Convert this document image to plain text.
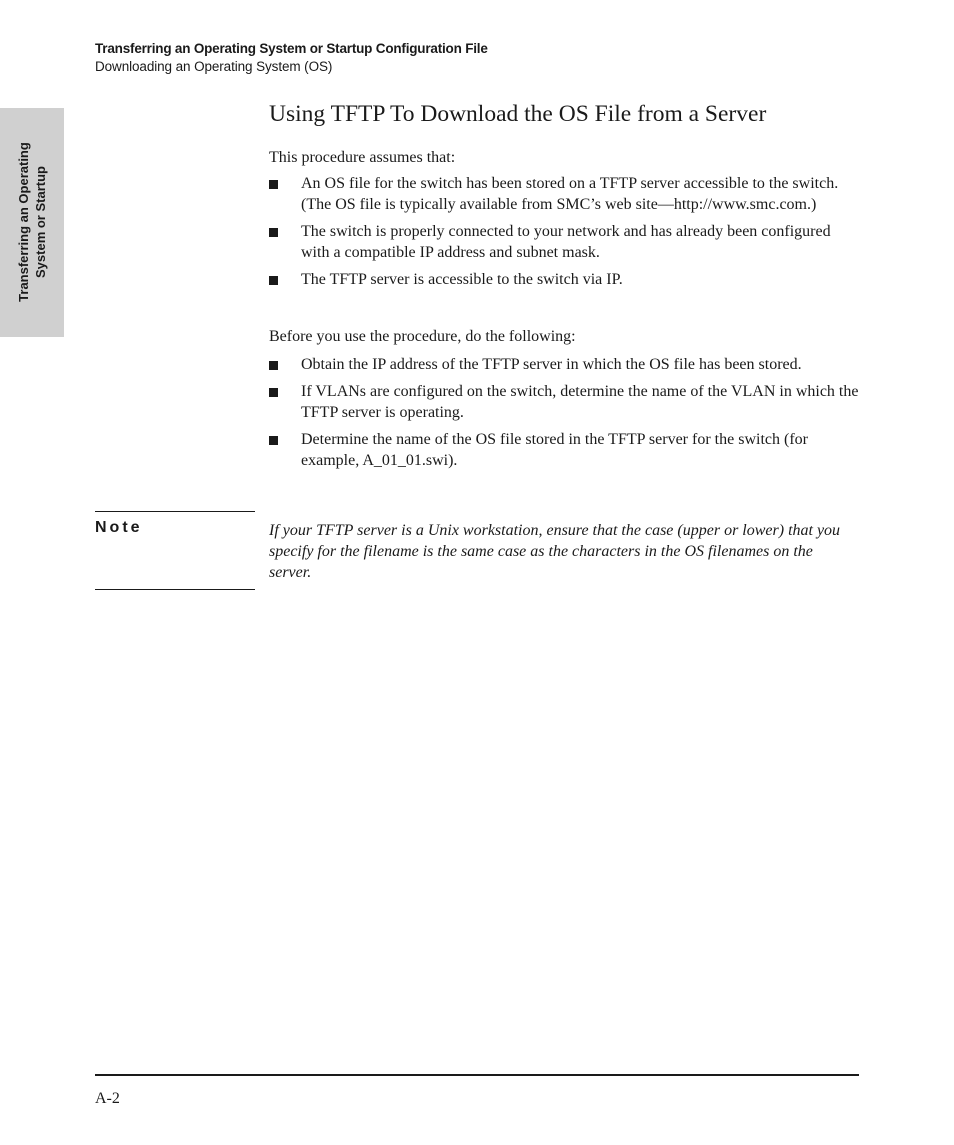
Transferring an Operating System or Startup Configuration File
Downloading an Operating System (OS)
Transferring an Operating System or Startup
Using TFTP To Download the OS File from a Server

This procedure assumes that:

An OS file for the switch has been stored on a TFTP server accessible to the switch. (The OS file is typically available from SMC’s web site—http://www.smc.com.)
The switch is properly connected to your network and has already been configured with a compatible IP address and subnet mask.
The TFTP server is accessible to the switch via IP.

Before you use the procedure, do the following:

Obtain the IP address of the TFTP server in which the OS file has been stored.
If VLANs are configured on the switch, determine the name of the VLAN in which the TFTP server is operating.
Determine the name of the OS file stored in the TFTP server for the switch (for example, A_01_01.swi).
Note	If your TFTP server is a Unix workstation, ensure that the case (upper or lower) that you specify for the filename is the same case as the characters in the OS filenames on the server.

A-2
